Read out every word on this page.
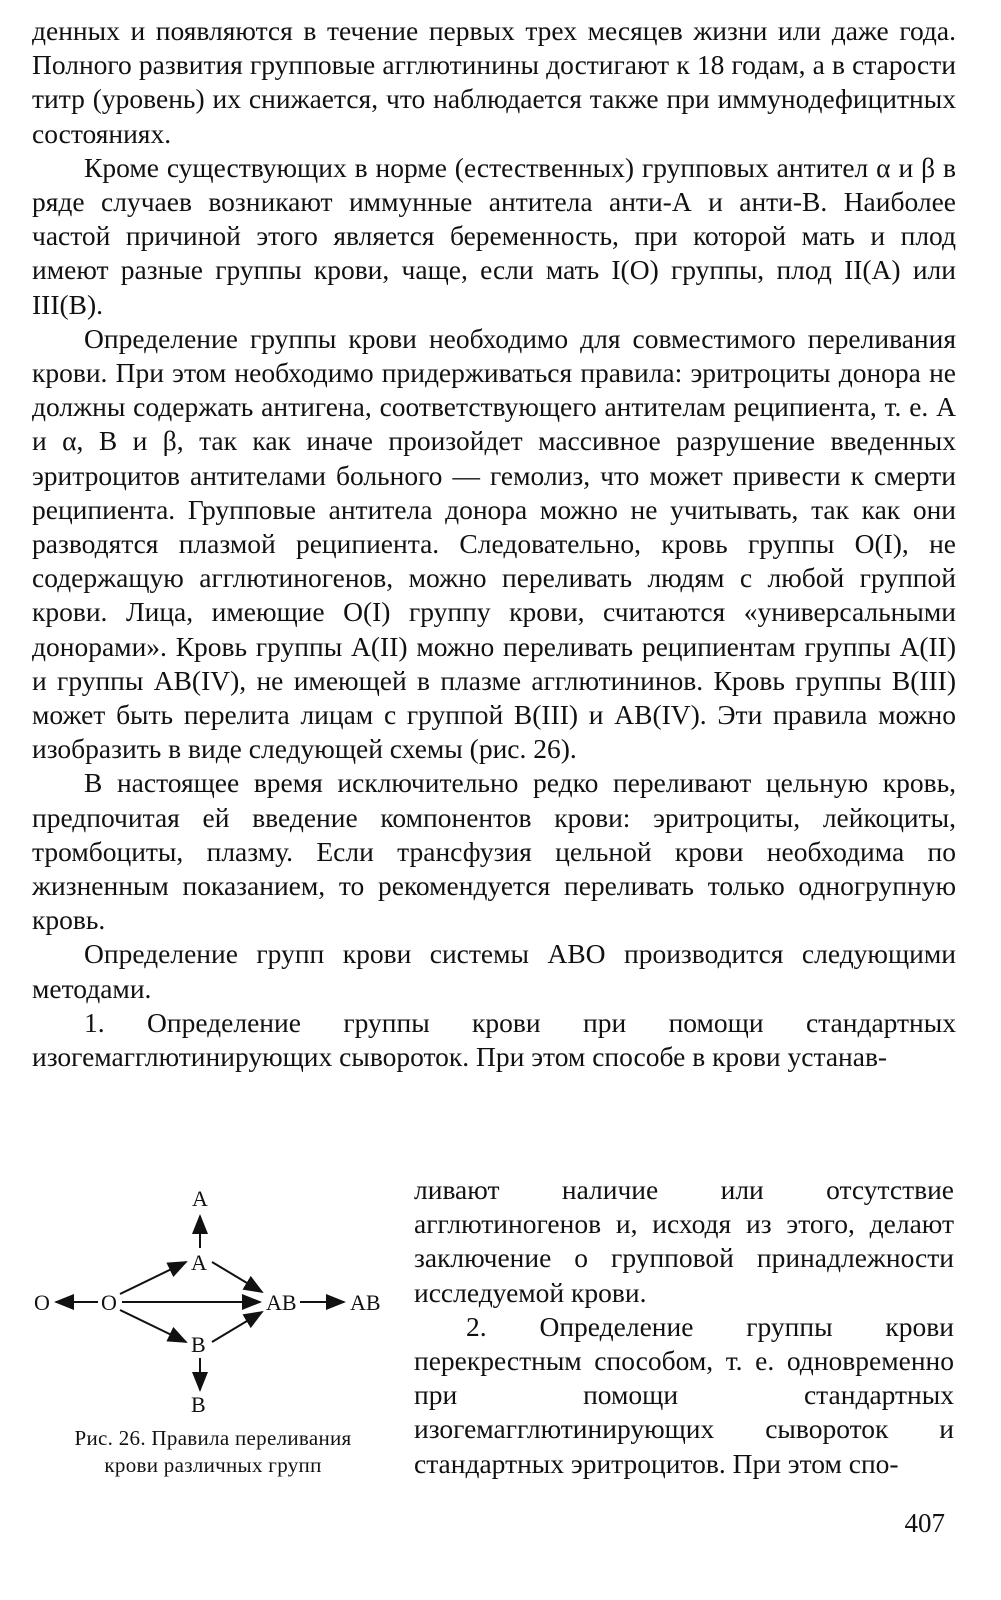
денных и появляются в течение первых трех месяцев жизни или даже года. Полного развития групповые агглютинины достигают к 18 годам, а в старости титр (уровень) их снижается, что наблюдается также при иммунодефицитных состояниях.

Кроме существующих в норме (естественных) групповых антител α и β в ряде случаев возникают иммунные антитела анти-А и анти-В. Наиболее частой причиной этого является беременность, при которой мать и плод имеют разные группы крови, чаще, если мать I(O) группы, плод II(A) или III(B).

Определение группы крови необходимо для совместимого переливания крови. При этом необходимо придерживаться правила: эритроциты донора не должны содержать антигена, соответствующего антителам реципиента, т. е. А и α, В и β, так как иначе произойдет массивное разрушение введенных эритроцитов антителами больного — гемолиз, что может привести к смерти реципиента. Групповые антитела донора можно не учитывать, так как они разводятся плазмой реципиента. Следовательно, кровь группы O(I), не содержащую агглютиногенов, можно переливать людям с любой группой крови. Лица, имеющие O(I) группу крови, считаются «универсальными донорами». Кровь группы A(II) можно переливать реципиентам группы A(II) и группы AB(IV), не имеющей в плазме агглютининов. Кровь группы B(III) может быть перелита лицам с группой B(III) и AB(IV). Эти правила можно изобразить в виде следующей схемы (рис. 26).

В настоящее время исключительно редко переливают цельную кровь, предпочитая ей введение компонентов крови: эритроциты, лейкоциты, тромбоциты, плазму. Если трансфузия цельной крови необходима по жизненным показанием, то рекомендуется переливать только одногрупную кровь.

Определение групп крови системы АВО производится следующими методами.

1. Определение группы крови при помощи стандартных изогемагглютинирующих сывороток. При этом способе в крови устанав-

A
A
O O	AB AB
B
B
Рис. 26. Правила переливания
крови различных групп

ливают наличие или отсутствие агглютиногенов и, исходя из этого, делают заключение о групповой принадлежности исследуемой крови.

2. Определение группы крови перекрестным способом, т. е. одновременно при помощи стандартных изогемагглютинирующих сывороток и стандартных эритроцитов. При этом спо-

407
